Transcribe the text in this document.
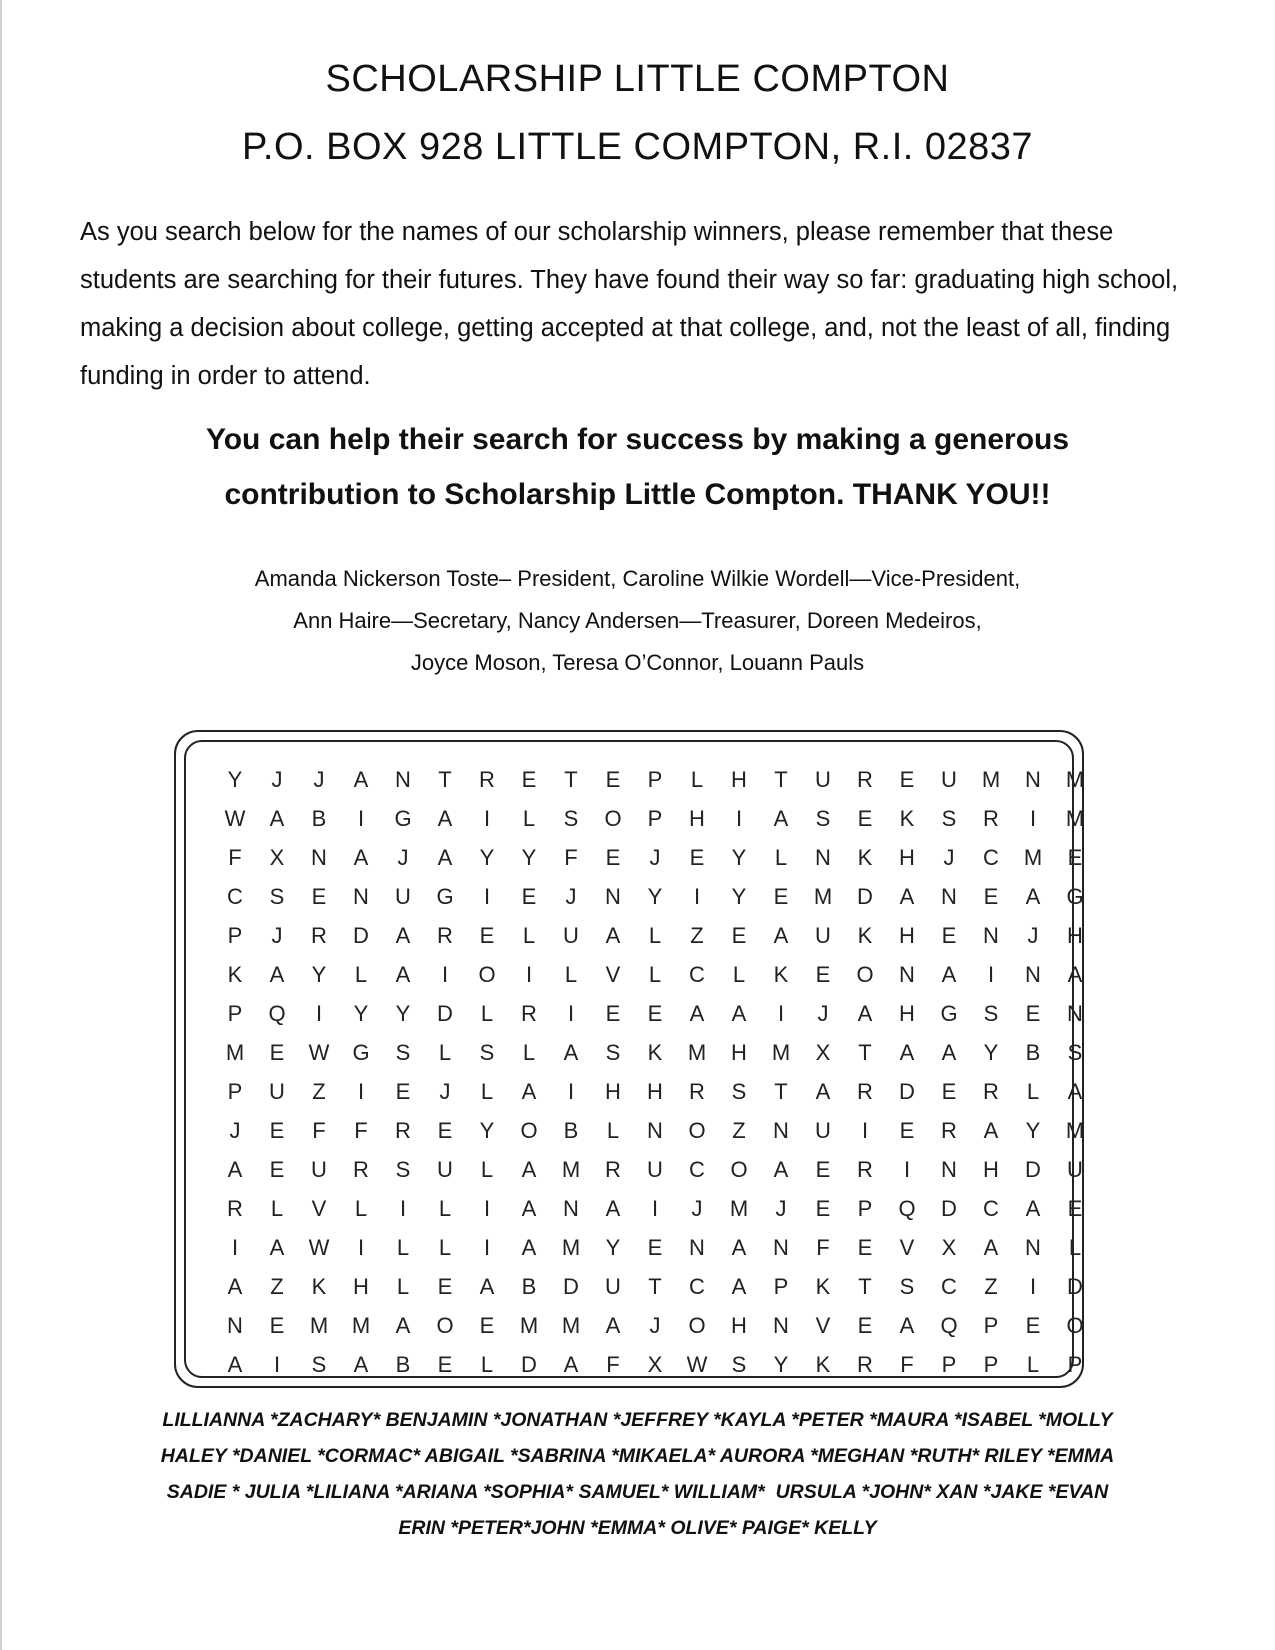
SCHOLARSHIP LITTLE COMPTON
P.O. BOX 928 LITTLE COMPTON, R.I. 02837
As you search below for the names of our scholarship winners, please remember that these students are searching for their futures. They have found their way so far: graduating high school, making a decision about college, getting accepted at that college, and, not the least of all, finding funding in order to attend.
You can help their search for success by making a generous
contribution to Scholarship Little Compton. THANK YOU!!
Amanda Nickerson Toste– President, Caroline Wilkie Wordell—Vice-President,
Ann Haire—Secretary, Nancy Andersen—Treasurer, Doreen Medeiros,
Joyce Moson, Teresa O’Connor, Louann Pauls
Y	J	J	A	N	T	R	E	T	E	P	L	H	T	U	R	E	U	M	N	M
W	A	B	I	G	A	I	L	S	O	P	H	I	A	S	E	K	S	R	I	M
F	X	N	A	J	A	Y	Y	F	E	J	E	Y	L	N	K	H	J	C	M	E
C	S	E	N	U	G	I	E	J	N	Y	I	Y	E	M	D	A	N	E	A	G
P	J	R	D	A	R	E	L	U	A	L	Z	E	A	U	K	H	E	N	J	H
K	A	Y	L	A	I	O	I	L	V	L	C	L	K	E	O	N	A	I	N	A
P	Q	I	Y	Y	D	L	R	I	E	E	A	A	I	J	A	H	G	S	E	N
M	E	W	G	S	L	S	L	A	S	K	M	H	M	X	T	A	A	Y	B	S
P	U	Z	I	E	J	L	A	I	H	H	R	S	T	A	R	D	E	R	L	A
J	E	F	F	R	E	Y	O	B	L	N	O	Z	N	U	I	E	R	A	Y	M
A	E	U	R	S	U	L	A	M	R	U	C	O	A	E	R	I	N	H	D	U
R	L	V	L	I	L	I	A	N	A	I	J	M	J	E	P	Q	D	C	A	E
I	A	W	I	L	L	I	A	M	Y	E	N	A	N	F	E	V	X	A	N	L
A	Z	K	H	L	E	A	B	D	U	T	C	A	P	K	T	S	C	Z	I	D
N	E	M	M	A	O	E	M	M	A	J	O	H	N	V	E	A	Q	P	E	O
A	I	S	A	B	E	L	D	A	F	X	W	S	Y	K	R	F	P	P	L	P
LILLIANNA *ZACHARY* BENJAMIN *JONATHAN *JEFFREY *KAYLA *PETER *MAURA *ISABEL *MOLLY
HALEY *DANIEL *CORMAC* ABIGAIL *SABRINA *MIKAELA* AURORA *MEGHAN *RUTH* RILEY *EMMA
SADIE * JULIA *LILIANA *ARIANA *SOPHIA* SAMUEL* WILLIAM*  URSULA *JOHN* XAN *JAKE *EVAN
ERIN *PETER*JOHN *EMMA* OLIVE* PAIGE* KELLY
